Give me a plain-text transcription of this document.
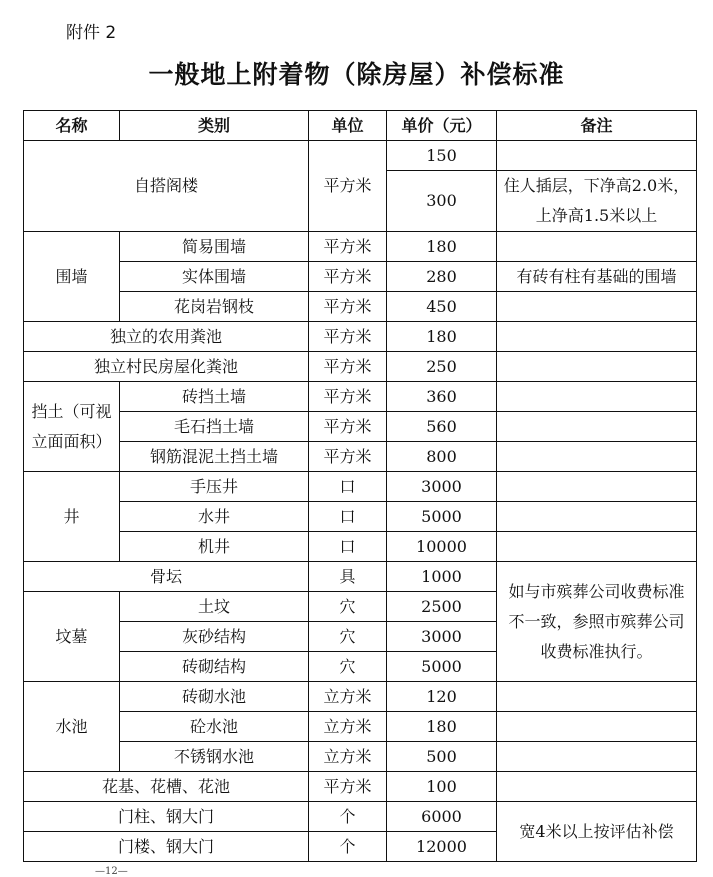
附件 2
一般地上附着物（除房屋）补偿标准
名称	类别	单位	单价（元）	备注
自搭阁楼		平方米	150	
			300	住人插层，下净高2.0米，上净高1.5米以上
围墙	简易围墙	平方米	180	
	实体围墙	平方米	280	有砖有柱有基础的围墙
	花岗岩钢枝	平方米	450	
独立的农用粪池		平方米	180	
独立村民房屋化粪池		平方米	250	
挡土（可视立面面积）	砖挡土墙	平方米	360	
	毛石挡土墙	平方米	560	
	钢筋混泥土挡土墙	平方米	800	
井	手压井	口	3000	
	水井	口	5000	
	机井	口	10000	
骨坛		具	1000	如与市殡葬公司收费标准不一致，参照市殡葬公司收费标准执行。
坟墓	土坟	穴	2500	
	灰砂结构	穴	3000	
	砖砌结构	穴	5000	
水池	砖砌水池	立方米	120	
	砼水池	立方米	180	
	不锈钢水池	立方米	500	
花基、花槽、花池		平方米	100	
门柱、钢大门		个	6000	宽4米以上按评估补偿
门楼、钢大门		个	12000	
—12—
